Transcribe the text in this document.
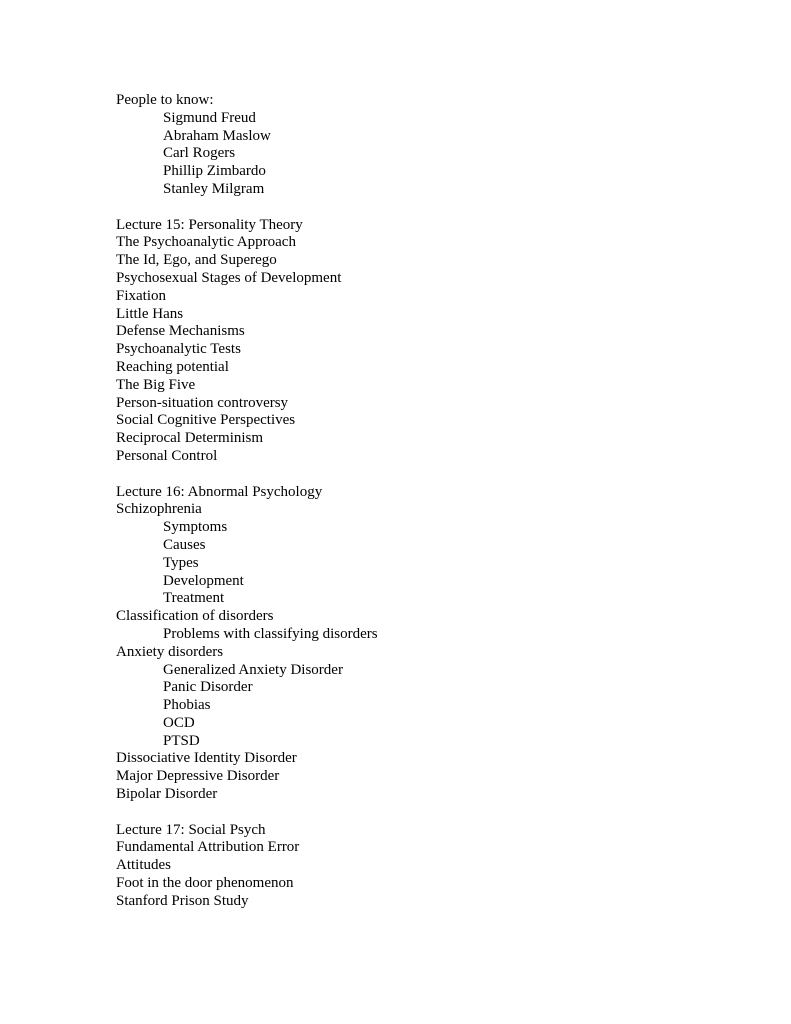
People to know:
Sigmund Freud
Abraham Maslow
Carl Rogers
Phillip Zimbardo
Stanley Milgram
Lecture 15: Personality Theory
The Psychoanalytic Approach
The Id, Ego, and Superego
Psychosexual Stages of Development
Fixation
Little Hans
Defense Mechanisms
Psychoanalytic Tests
Reaching potential
The Big Five
Person-situation controversy
Social Cognitive Perspectives
Reciprocal Determinism
Personal Control
Lecture 16: Abnormal Psychology
Schizophrenia
Symptoms
Causes
Types
Development
Treatment
Classification of disorders
Problems with classifying disorders
Anxiety disorders
Generalized Anxiety Disorder
Panic Disorder
Phobias
OCD
PTSD
Dissociative Identity Disorder
Major Depressive Disorder
Bipolar Disorder
Lecture 17: Social Psych
Fundamental Attribution Error
Attitudes
Foot in the door phenomenon
Stanford Prison Study
